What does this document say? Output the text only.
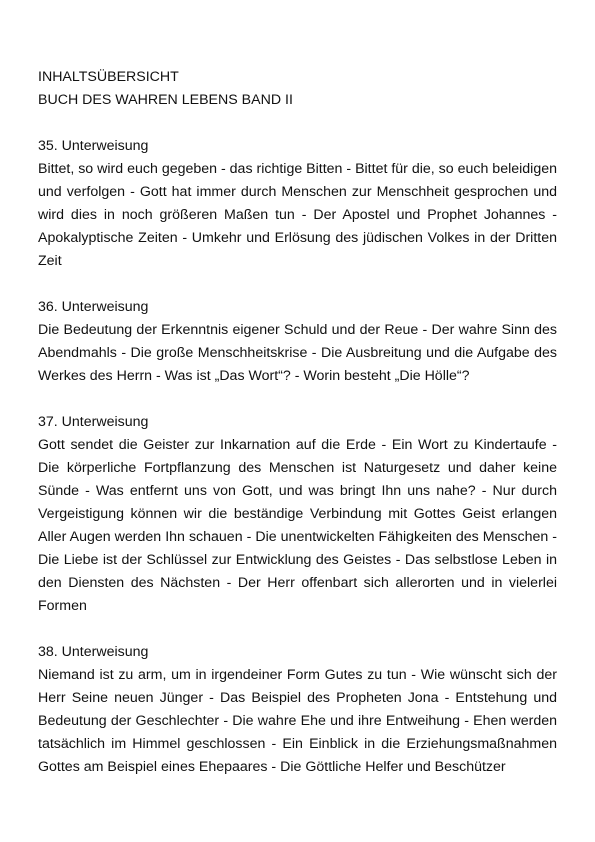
INHALTSÜBERSICHT

BUCH DES WAHREN LEBENS BAND II

35. Unterweisung

Bittet, so wird euch gegeben - das richtige Bitten - Bittet für die, so euch beleidigen und verfolgen - Gott hat immer durch Menschen zur Menschheit gesprochen und wird dies in noch größeren Maßen tun - Der Apostel und Prophet Johannes - Apokalyptische Zeiten - Umkehr und Erlösung des jüdischen Volkes in der Dritten Zeit

36. Unterweisung

Die Bedeutung der Erkenntnis eigener Schuld und der Reue - Der wahre Sinn des Abendmahls - Die große Menschheitskrise - Die Ausbreitung und die Aufgabe des Werkes des Herrn - Was ist „Das Wort“? - Worin besteht „Die Hölle“?

37. Unterweisung

Gott sendet die Geister zur Inkarnation auf die Erde - Ein Wort zu Kindertaufe - Die körperliche Fortpflanzung des Menschen ist Naturgesetz und daher keine Sünde - Was entfernt uns von Gott, und was bringt Ihn uns nahe? - Nur durch Vergeistigung können wir die beständige Verbindung mit Gottes Geist erlangen Aller Augen werden Ihn schauen - Die unentwickelten Fähigkeiten des Menschen - Die Liebe ist der Schlüssel zur Entwicklung des Geistes - Das selbstlose Leben in den Diensten des Nächsten - Der Herr offenbart sich allerorten und in vielerlei Formen

38. Unterweisung

Niemand ist zu arm, um in irgendeiner Form Gutes zu tun - Wie wünscht sich der Herr Seine neuen Jünger - Das Beispiel des Propheten Jona - Entstehung und Bedeutung der Geschlechter - Die wahre Ehe und ihre Entweihung - Ehen werden tatsächlich im Himmel geschlossen - Ein Einblick in die Erziehungsmaßnahmen Gottes am Beispiel eines Ehepaares - Die Göttliche Helfer und Beschützer
